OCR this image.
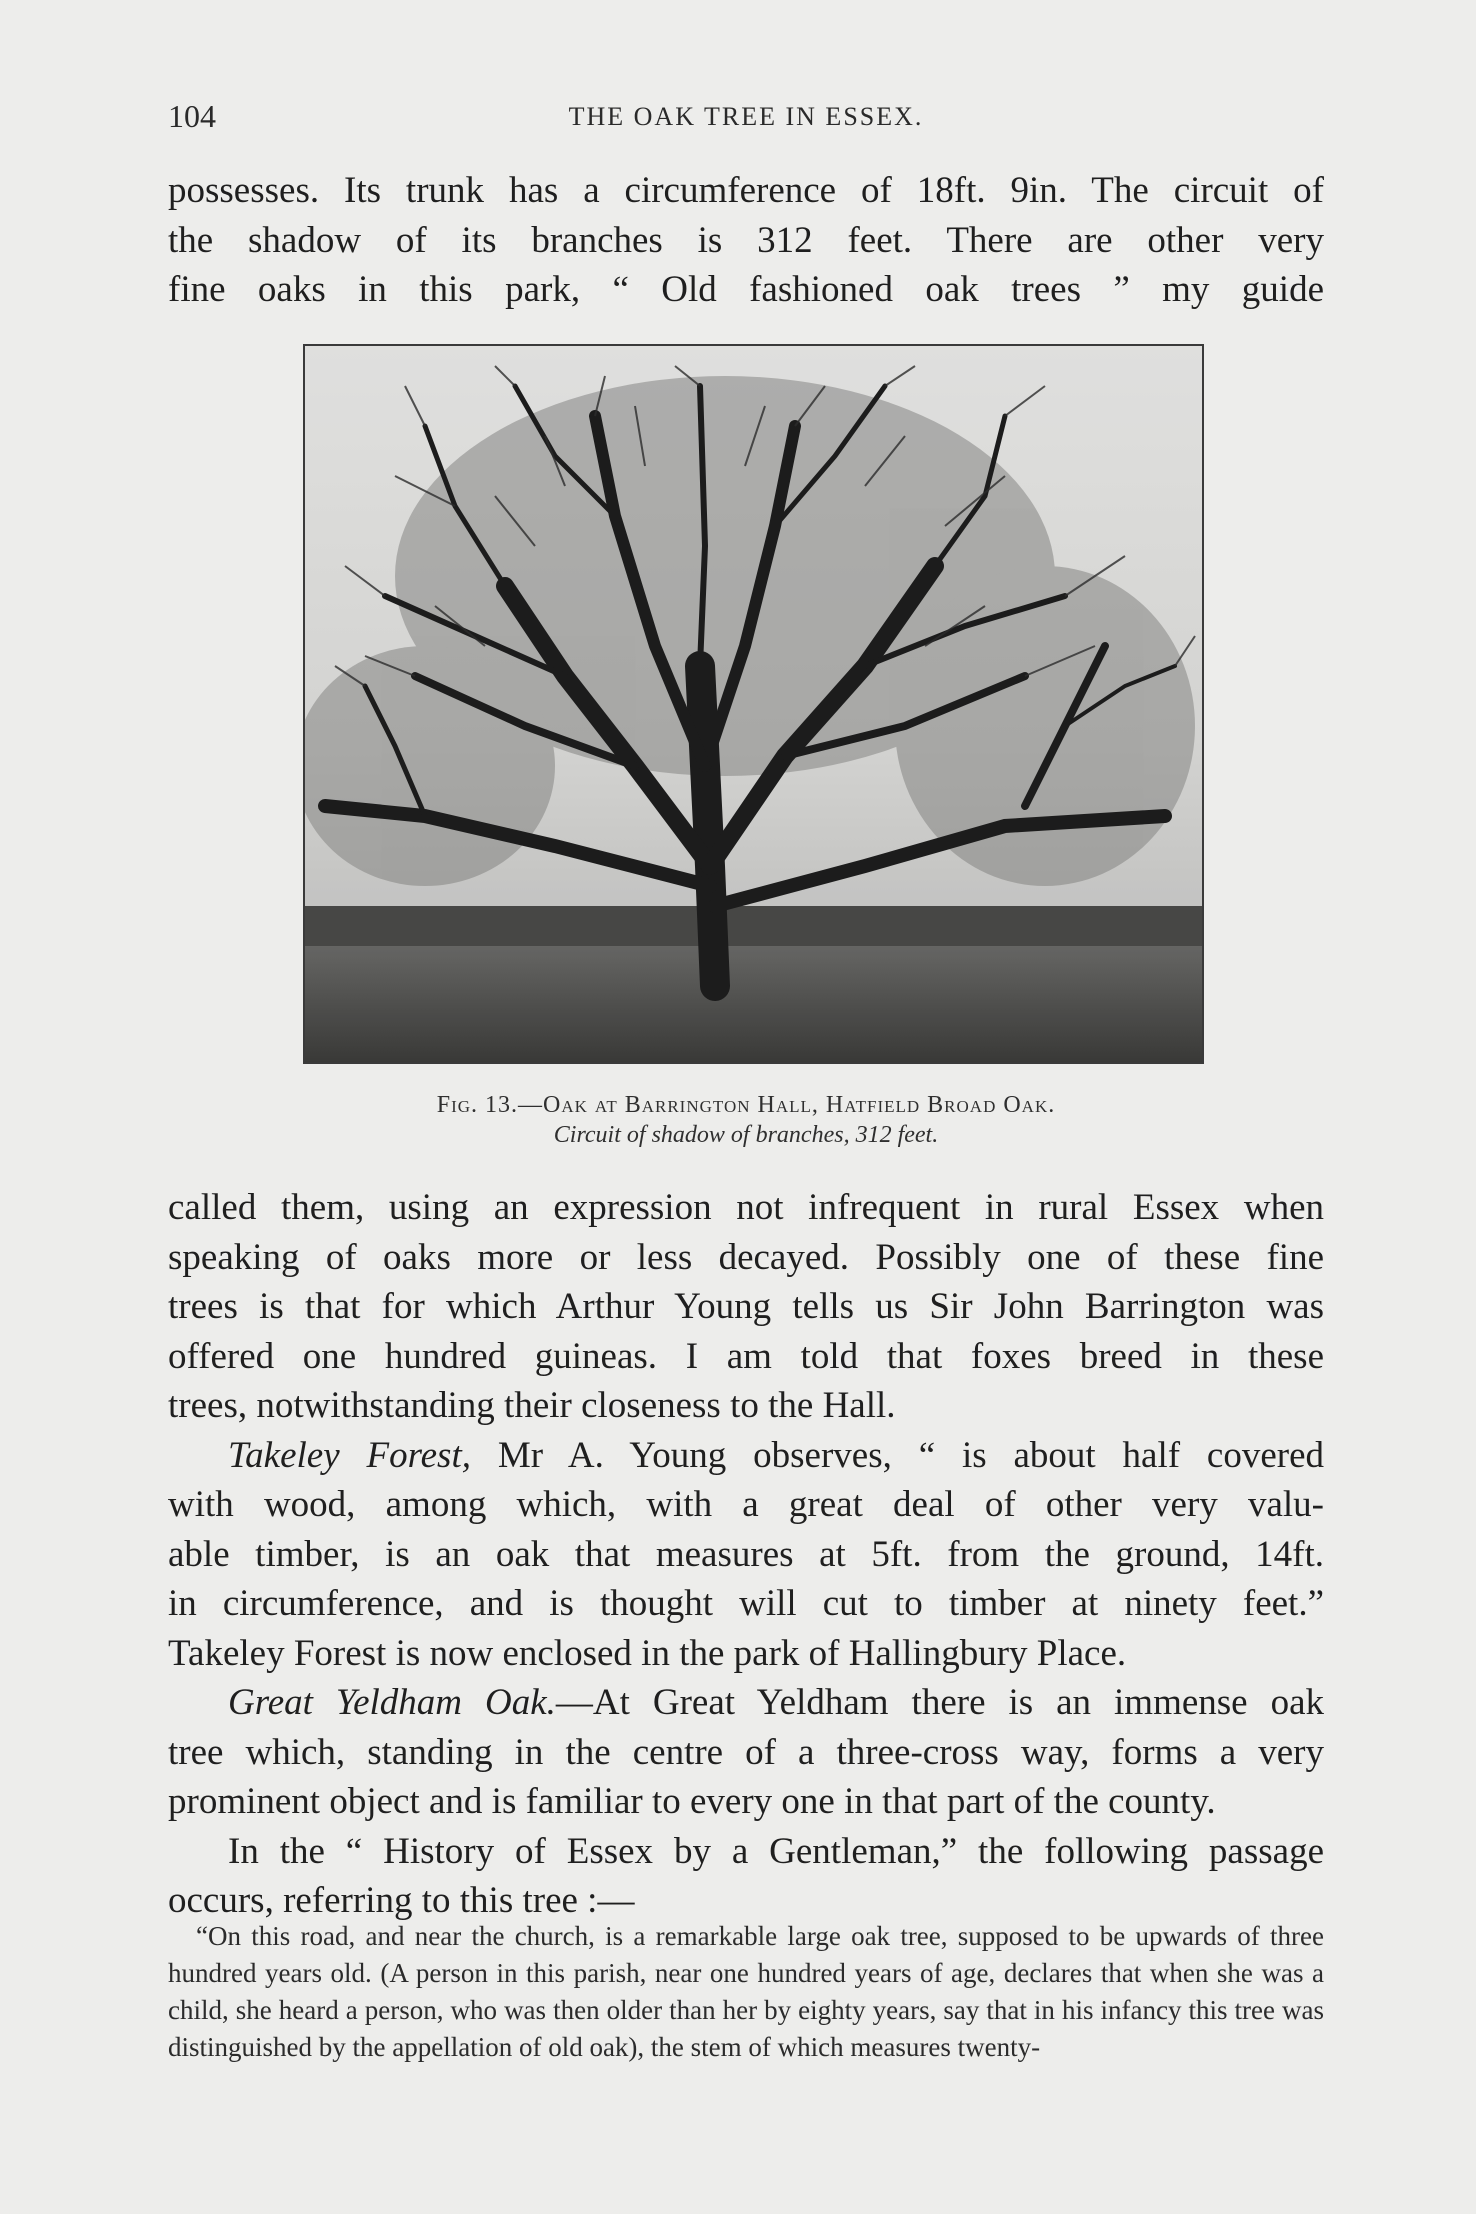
104	THE OAK TREE IN ESSEX.
possesses. Its trunk has a circumference of 18ft. 9in. The circuit of
the shadow of its branches is 312 feet. There are other very
fine oaks in this park, “ Old fashioned oak trees ” my guide
Fig. 13.—Oak at Barrington Hall, Hatfield Broad Oak.
Circuit of shadow of branches, 312 feet.
called them, using an expression not infrequent in rural Essex when
speaking of oaks more or less decayed. Possibly one of these fine
trees is that for which Arthur Young tells us Sir John Barrington was
offered one hundred guineas. I am told that foxes breed in these
trees, notwithstanding their closeness to the Hall.
Takeley Forest, Mr A. Young observes, “ is about half covered
with wood, among which, with a great deal of other very valu-
able timber, is an oak that measures at 5ft. from the ground, 14ft.
in circumference, and is thought will cut to timber at ninety feet.”
Takeley Forest is now enclosed in the park of Hallingbury Place.
Great Yeldham Oak.—At Great Yeldham there is an immense oak
tree which, standing in the centre of a three-cross way, forms a very
prominent object and is familiar to every one in that part of the county.
In the “ History of Essex by a Gentleman,” the following passage
occurs, referring to this tree :—

“On this road, and near the church, is a remarkable large oak tree, supposed to be upwards of three hundred years old. (A person in this parish, near one hundred years of age, declares that when she was a child, she heard a person, who was then older than her by eighty years, say that in his infancy this tree was distinguished by the appellation of old oak), the stem of which measures twenty-
